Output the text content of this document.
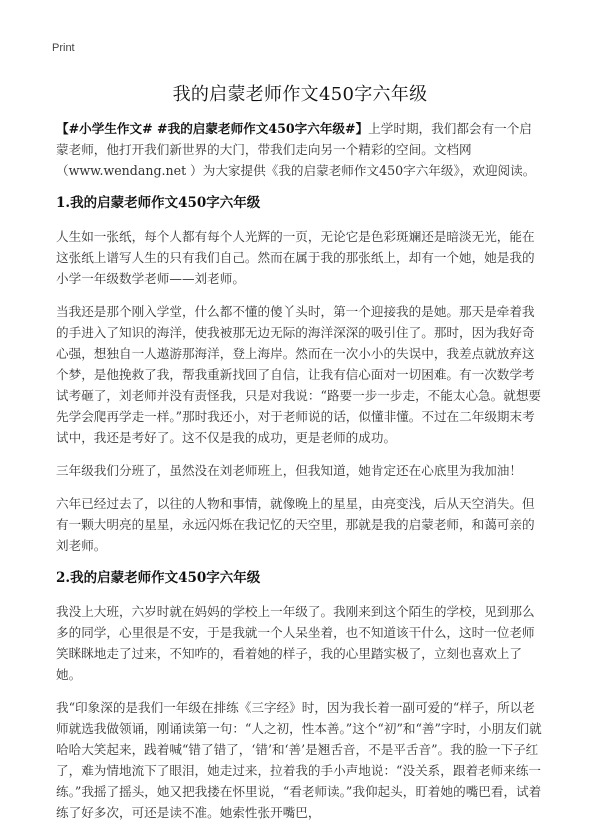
Print
我的启蒙老师作文450字六年级

【#小学生作文# #我的启蒙老师作文450字六年级#】上学时期，我们都会有一个启蒙老师，他打开我们新世界的大门，带我们走向另一个精彩的空间。文档网（www.wendang.net ）为大家提供《我的启蒙老师作文450字六年级》，欢迎阅读。

1.我的启蒙老师作文450字六年级

人生如一张纸，每个人都有每个人光辉的一页，无论它是色彩斑斓还是暗淡无光，能在这张纸上谱写人生的只有我们自己。然而在属于我的那张纸上，却有一个她，她是我的小学一年级数学老师——刘老师。

当我还是那个刚入学堂，什么都不懂的傻丫头时，第一个迎接我的是她。那天是牵着我的手进入了知识的海洋，使我被那无边无际的海洋深深的吸引住了。那时，因为我好奇心强，想独自一人遨游那海洋，登上海岸。然而在一次小小的失误中，我差点就放弃这个梦，是他挽救了我，帮我重新找回了自信，让我有信心面对一切困难。有一次数学考试考砸了，刘老师并没有责怪我，只是对我说：“路要一步一步走，不能太心急。就想要先学会爬再学走一样。”那时我还小，对于老师说的话，似懂非懂。不过在二年级期末考试中，我还是考好了。这不仅是我的成功，更是老师的成功。

三年级我们分班了，虽然没在刘老师班上，但我知道，她肯定还在心底里为我加油！

六年已经过去了，以往的人物和事情，就像晚上的星星，由亮变浅，后从天空消失。但有一颗大明亮的星星，永远闪烁在我记忆的天空里，那就是我的启蒙老师，和蔼可亲的刘老师。

2.我的启蒙老师作文450字六年级

我没上大班，六岁时就在妈妈的学校上一年级了。我刚来到这个陌生的学校，见到那么多的同学，心里很是不安，于是我就一个人呆坐着，也不知道该干什么，这时一位老师笑眯眯地走了过来，不知咋的，看着她的样子，我的心里踏实极了，立刻也喜欢上了她。

我“印象深的是我们一年级在排练《三字经》时，因为我长着一副可爱的“样子，所以老师就选我做领诵，刚诵读第一句：“人之初，性本善。”这个“初”和“善”字时，小朋友们就哈哈大笑起来，践着喊“错了错了，‘错’和‘善’是翘舌音，不是平舌音”。我的脸一下子红了，难为情地流下了眼泪，她走过来，拉着我的手小声地说：“没关系，跟着老师来练一练。”我摇了摇头，她又把我搂在怀里说，“看老师读。”我仰起头，盯着她的嘴巴看，试着练了好多次，可还是读不准。她索性张开嘴巴，
